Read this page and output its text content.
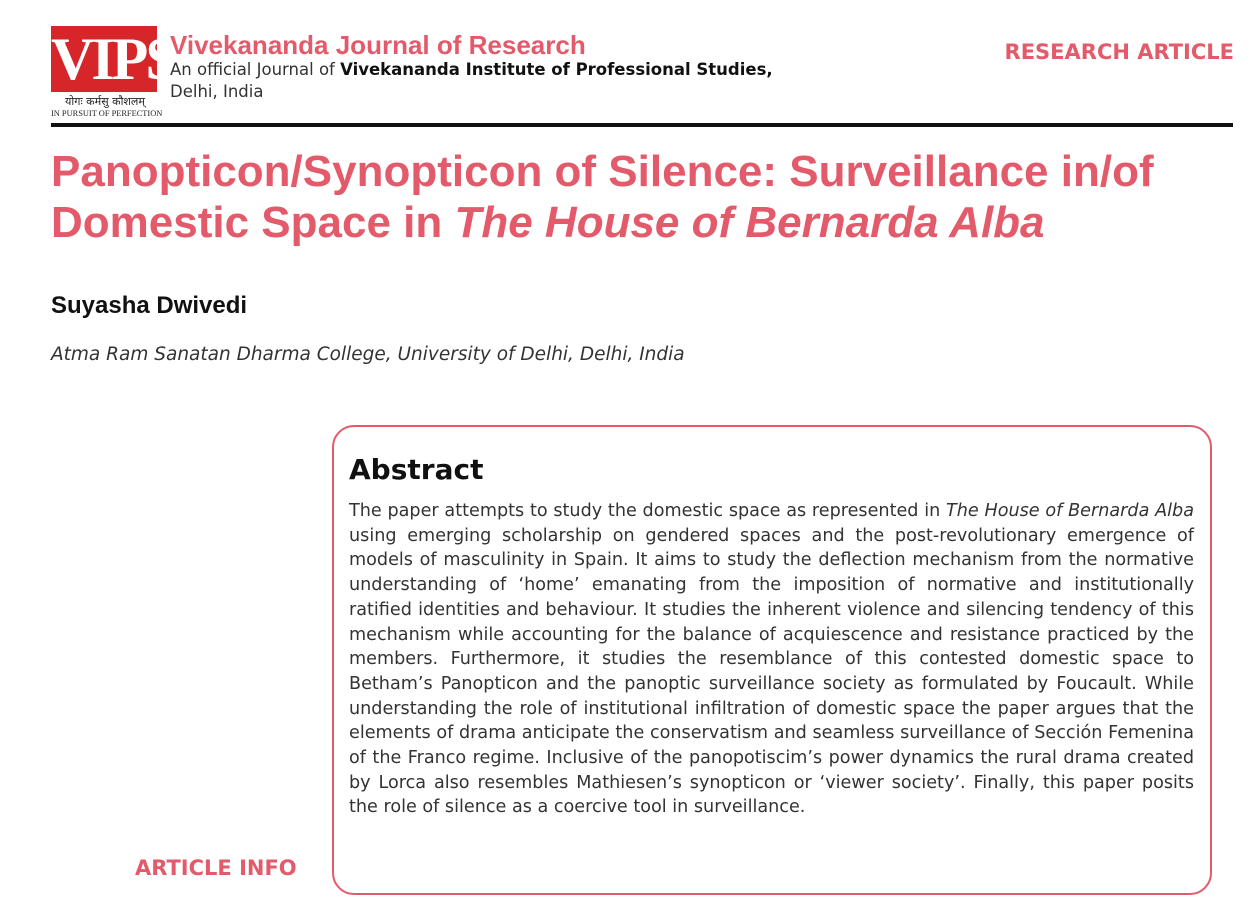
VIPS
योगः कर्मसु कौशलम्
IN PURSUIT OF PERFECTION
Vivekananda Journal of Research
An official Journal of Vivekananda Institute of Professional Studies,
Delhi, India
RESEARCH ARTICLE
Panopticon/Synopticon of Silence: Surveillance in/of
Domestic Space in The House of Bernarda Alba
Suyasha Dwivedi
Atma Ram Sanatan Dharma College, University of Delhi, Delhi, India
ARTICLE INFO
Abstract
The paper attempts to study the domestic space as represented in The House of Bernarda Alba using emerging scholarship on gendered spaces and the post-revolutionary emergence of models of masculinity in Spain. It aims to study the deflection mechanism from the normative understanding of ‘home’ emanating from the imposition of normative and institutionally ratified identities and behaviour. It studies the inherent violence and silencing tendency of this mechanism while accounting for the balance of acquiescence and resistance practiced by the members. Furthermore, it studies the resemblance of this contested domestic space to Betham’s Panopticon and the panoptic surveillance society as formulated by Foucault. While understanding the role of institutional infiltration of domestic space the paper argues that the elements of drama anticipate the conservatism and seamless surveillance of Sección Femenina of the Franco regime. Inclusive of the panopotiscim’s power dynamics the rural drama created by Lorca also resembles Mathiesen’s synopticon or ‘viewer society’. Finally, this paper posits the role of silence as a coercive tool in surveillance.
